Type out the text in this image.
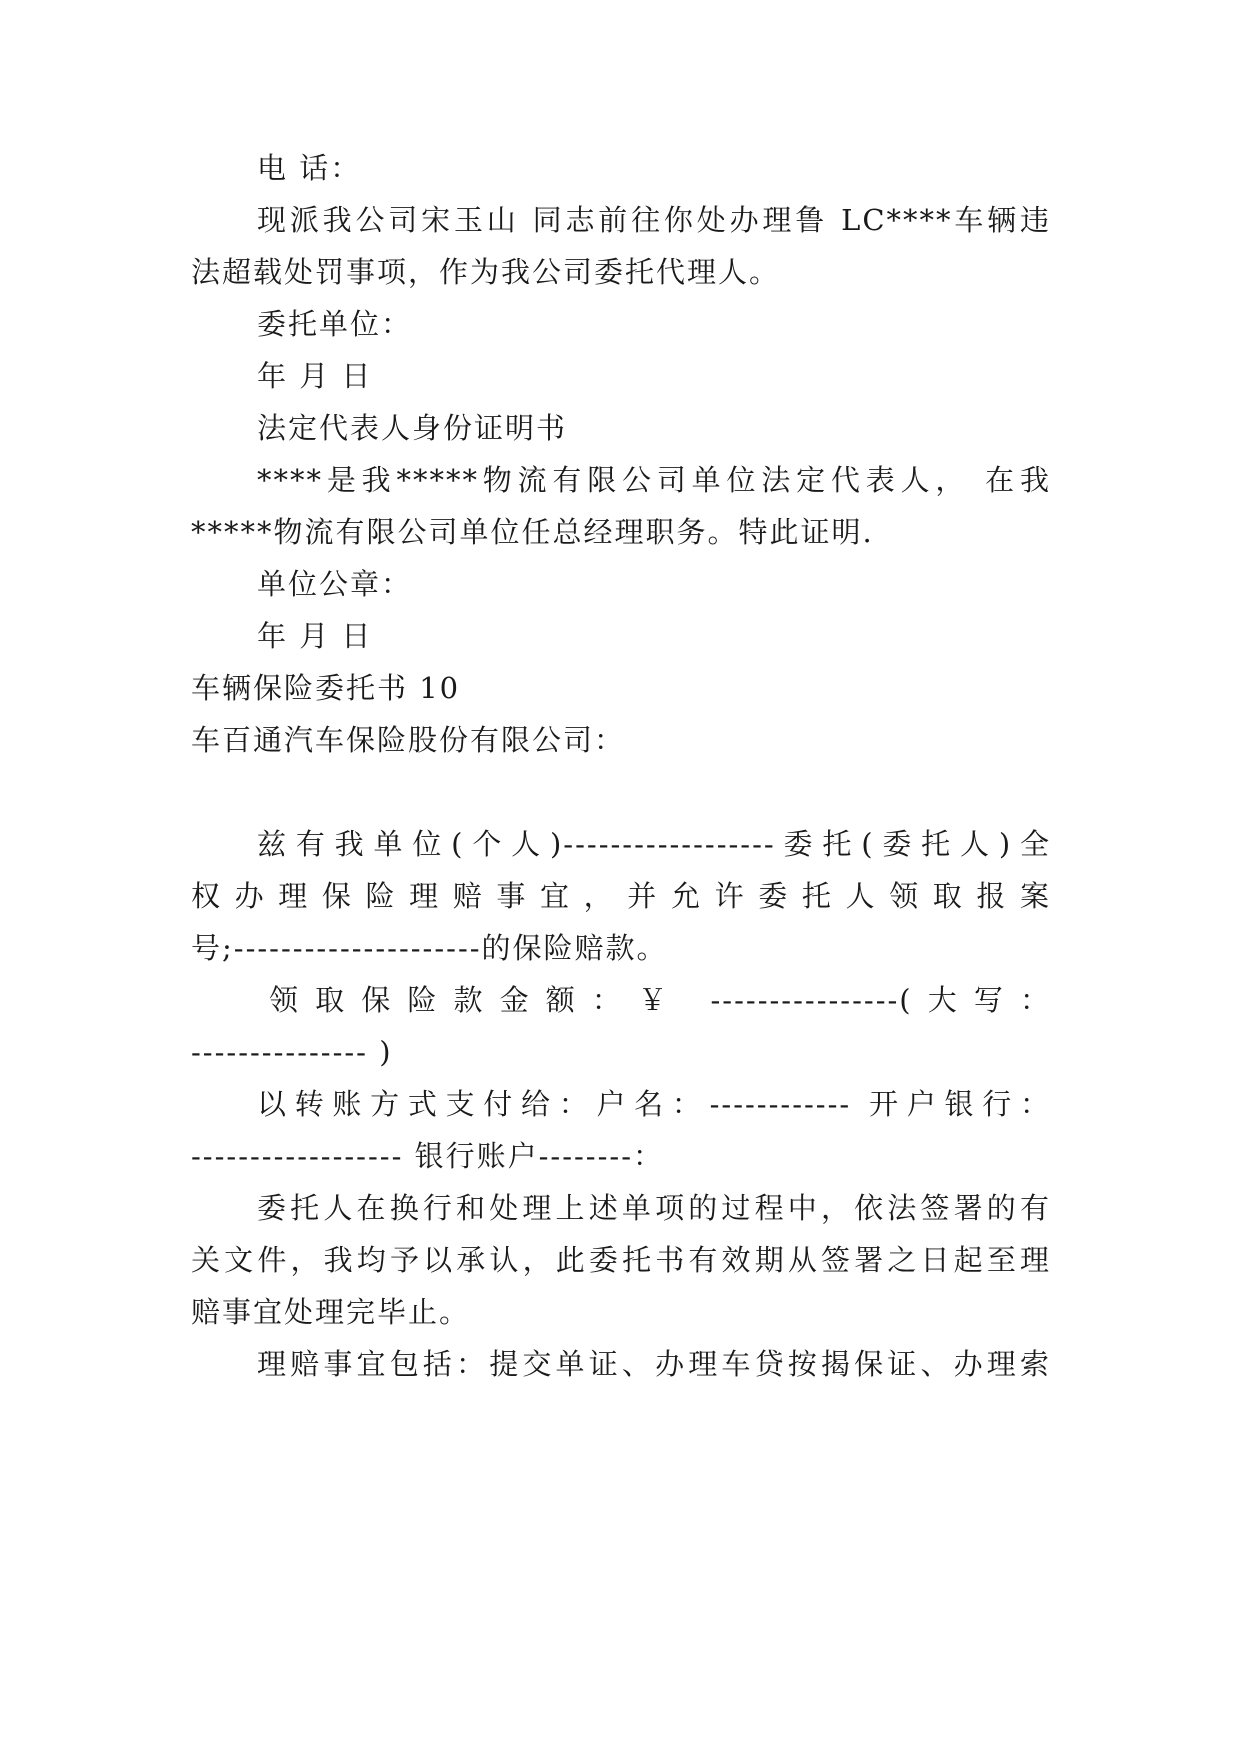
电 话：
现派我公司宋玉山 同志前往你处办理鲁 LC****车辆违
法超载处罚事项，作为我公司委托代理人。
委托单位：
年 月 日
法定代表人身份证明书
****是我*****物流有限公司单位法定代表人， 在我
*****物流有限公司单位任总经理职务。特此证明.
单位公章：
年 月 日
车辆保险委托书 10
车百通汽车保险股份有限公司：
兹有我单位(个人)------------------委托(委托人)全
权办理保险理赔事宜，并允许委托人领取报案
号;---------------------的保险赔款。
领取保险款金额：￥ ----------------(大写：
--------------- )
以转账方式支付给：户名：------------ 开户银行：
------------------ 银行账户--------：
委托人在换行和处理上述单项的过程中，依法签署的有
关文件，我均予以承认，此委托书有效期从签署之日起至理
赔事宜处理完毕止。
理赔事宜包括：提交单证、办理车贷按揭保证、办理索
